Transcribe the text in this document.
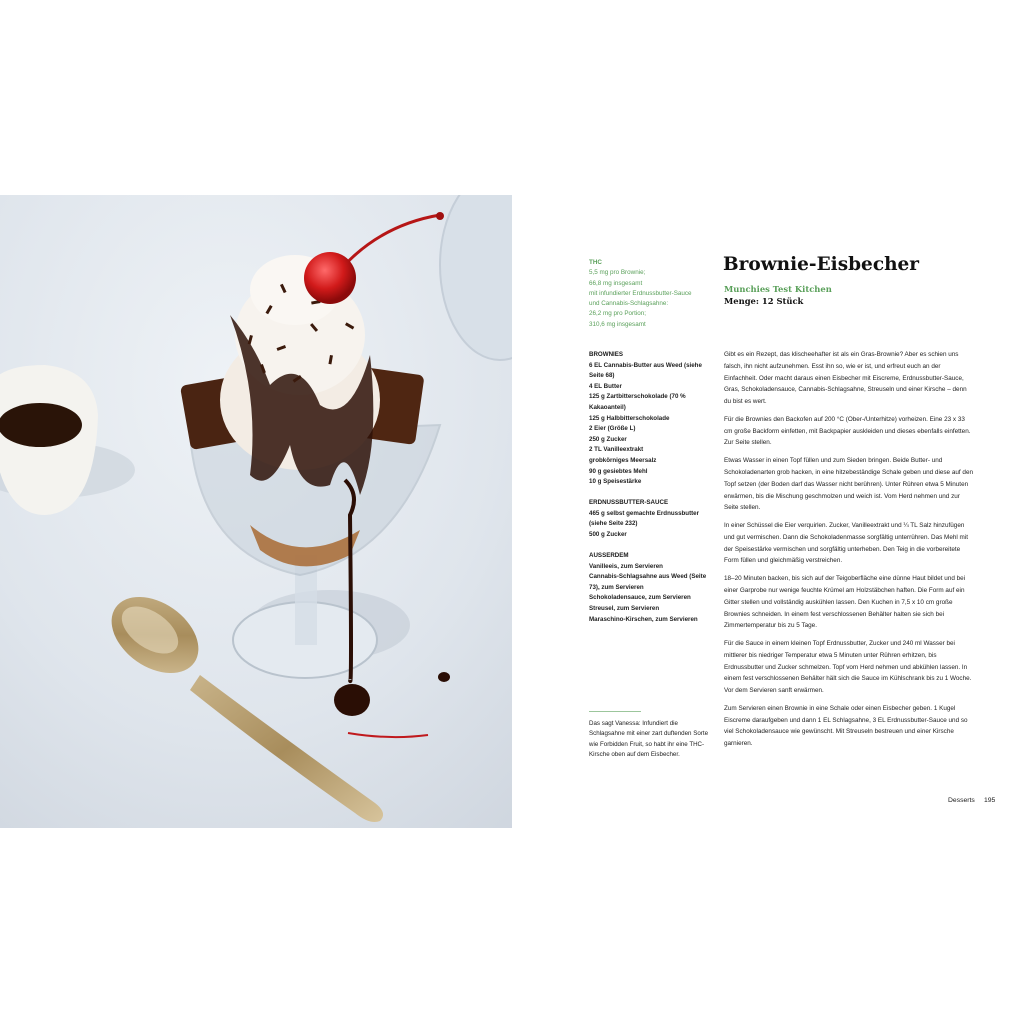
THC
5,5 mg pro Brownie;
66,8 mg insgesamt
mit infundierter Erdnussbutter-Sauce
und Cannabis-Schlagsahne:
26,2 mg pro Portion;
310,6 mg insgesamt
Brownie-Eisbecher
Munchies Test Kitchen
Menge: 12 Stück
BROWNIES
6 EL Cannabis-Butter aus Weed (siehe Seite 68)
4 EL Butter
125 g Zartbitterschokolade (70 % Kakaoanteil)
125 g Halbbitterschokolade
2 Eier (Größe L)
250 g Zucker
2 TL Vanilleextrakt
grobkörniges Meersalz
90 g gesiebtes Mehl
10 g Speisestärke
ERDNUSSBUTTER-SAUCE
465 g selbst gemachte Erdnussbutter (siehe Seite 232)
500 g Zucker
AUSSERDEM
Vanilleeis, zum Servieren
Cannabis-Schlagsahne aus Weed (Seite 73), zum Servieren
Schokoladensauce, zum Servieren
Streusel, zum Servieren
Maraschino-Kirschen, zum Servieren
Das sagt Vanessa: Infundiert die Schlagsahne mit einer zart duftenden Sorte wie Forbidden Fruit, so habt ihr eine THC-Kirsche oben auf dem Eisbecher.

Gibt es ein Rezept, das klischeehafter ist als ein Gras-Brownie? Aber es schien uns falsch, ihn nicht aufzunehmen. Esst ihn so, wie er ist, und erfreut euch an der Einfachheit. Oder macht daraus einen Eisbecher mit Eiscreme, Erdnussbutter-Sauce, Gras, Schokoladensauce, Cannabis-Schlagsahne, Streuseln und einer Kirsche – denn du bist es wert.

Für die Brownies den Backofen auf 200 °C (Ober-/Unterhitze) vorheizen. Eine 23 x 33 cm große Backform einfetten, mit Backpapier auskleiden und dieses ebenfalls einfetten. Zur Seite stellen.

Etwas Wasser in einen Topf füllen und zum Sieden bringen. Beide Butter- und Schokoladenarten grob hacken, in eine hitzebeständige Schale geben und diese auf den Topf setzen (der Boden darf das Wasser nicht berühren). Unter Rühren etwa 5 Minuten erwärmen, bis die Mischung geschmolzen und weich ist. Vom Herd nehmen und zur Seite stellen.

In einer Schüssel die Eier verquirlen. Zucker, Vanilleextrakt und ¼ TL Salz hinzufügen und gut vermischen. Dann die Schokoladenmasse sorgfältig unterrühren. Das Mehl mit der Speisestärke vermischen und sorgfältig unterheben. Den Teig in die vorbereitete Form füllen und gleichmäßig verstreichen.

18–20 Minuten backen, bis sich auf der Teigoberfläche eine dünne Haut bildet und bei einer Garprobe nur wenige feuchte Krümel am Holzstäbchen haften. Die Form auf ein Gitter stellen und vollständig auskühlen lassen. Den Kuchen in 7,5 x 10 cm große Brownies schneiden. In einem fest verschlossenen Behälter halten sie sich bei Zimmertemperatur bis zu 5 Tage.

Für die Sauce in einem kleinen Topf Erdnussbutter, Zucker und 240 ml Wasser bei mittlerer bis niedriger Temperatur etwa 5 Minuten unter Rühren erhitzen, bis Erdnussbutter und Zucker schmelzen. Topf vom Herd nehmen und abkühlen lassen. In einem fest verschlossenen Behälter hält sich die Sauce im Kühlschrank bis zu 1 Woche. Vor dem Servieren sanft erwärmen.

Zum Servieren einen Brownie in eine Schale oder einen Eisbecher geben. 1 Kugel Eiscreme daraufgeben und dann 1 EL Schlagsahne, 3 EL Erdnussbutter-Sauce und so viel Schokoladensauce wie gewünscht. Mit Streuseln bestreuen und einer Kirsche garnieren.

Desserts 195
